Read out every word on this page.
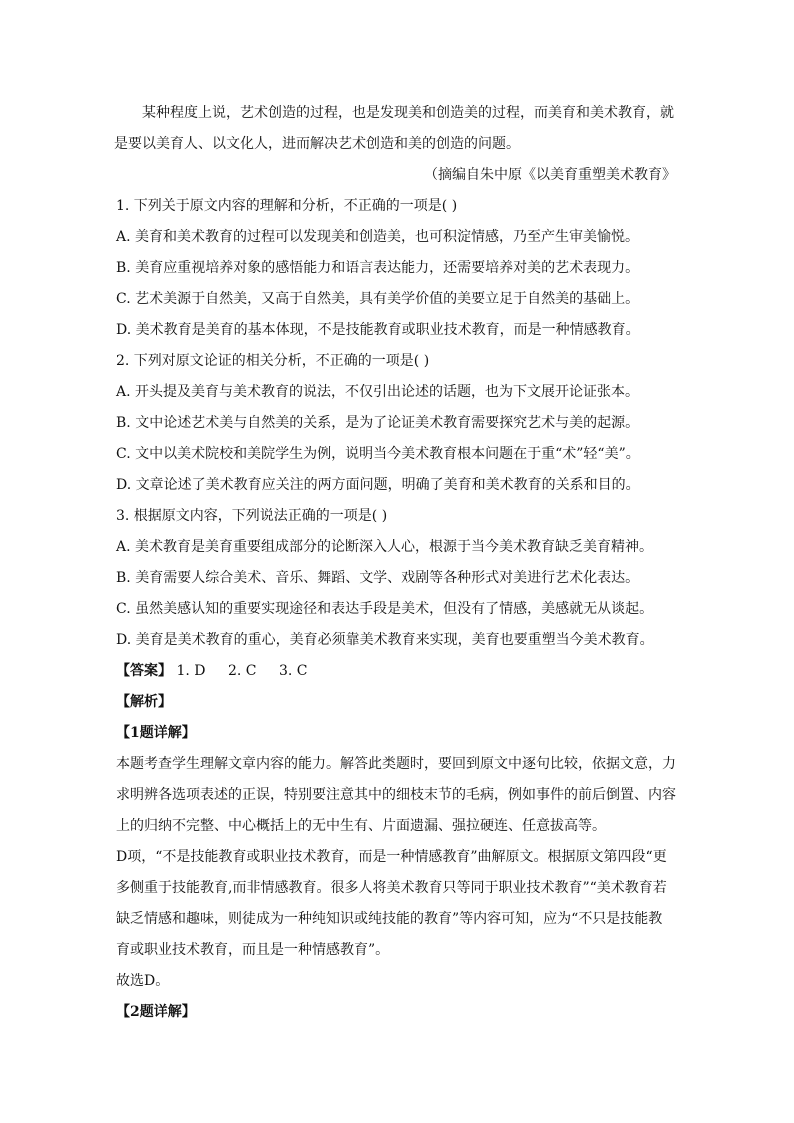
某种程度上说，艺术创造的过程，也是发现美和创造美的过程，而美育和美术教育，就是要以美育人、以文化人，进而解决艺术创造和美的创造的问题。
（摘编自朱中原《以美育重塑美术教育》
1. 下列关于原文内容的理解和分析，不正确的一项是( )
A. 美育和美术教育的过程可以发现美和创造美，也可积淀情感，乃至产生审美愉悦。
B. 美育应重视培养对象的感悟能力和语言表达能力，还需要培养对美的艺术表现力。
C. 艺术美源于自然美，又高于自然美，具有美学价值的美要立足于自然美的基础上。
D. 美术教育是美育的基本体现，不是技能教育或职业技术教育，而是一种情感教育。
2. 下列对原文论证的相关分析，不正确的一项是( )
A. 开头提及美育与美术教育的说法，不仅引出论述的话题，也为下文展开论证张本。
B. 文中论述艺术美与自然美的关系，是为了论证美术教育需要探究艺术与美的起源。
C. 文中以美术院校和美院学生为例，说明当今美术教育根本问题在于重“术”轻“美”。
D. 文章论述了美术教育应关注的两方面问题，明确了美育和美术教育的关系和目的。
3. 根据原文内容，下列说法正确的一项是( )
A. 美术教育是美育重要组成部分的论断深入人心，根源于当今美术教育缺乏美育精神。
B. 美育需要人综合美术、音乐、舞蹈、文学、戏剧等各种形式对美进行艺术化表达。
C. 虽然美感认知的重要实现途径和表达手段是美术，但没有了情感，美感就无从谈起。
D. 美育是美术教育的重心，美育必须靠美术教育来实现，美育也要重塑当今美术教育。
【答案】 1. D 2. C 3. C
【解析】
【1题详解】
本题考查学生理解文章内容的能力。解答此类题时，要回到原文中逐句比较，依据文意，力求明辨各选项表述的正误，特别要注意其中的细枝末节的毛病，例如事件的前后倒置、内容上的归纳不完整、中心概括上的无中生有、片面遗漏、强拉硬连、任意拔高等。
D项，“不是技能教育或职业技术教育，而是一种情感教育”曲解原文。根据原文第四段“更多侧重于技能教育,而非情感教育。很多人将美术教育只等同于职业技术教育”“美术教育若缺乏情感和趣味，则徒成为一种纯知识或纯技能的教育”等内容可知，应为“不只是技能教育或职业技术教育，而且是一种情感教育”。
故选D。
【2题详解】
